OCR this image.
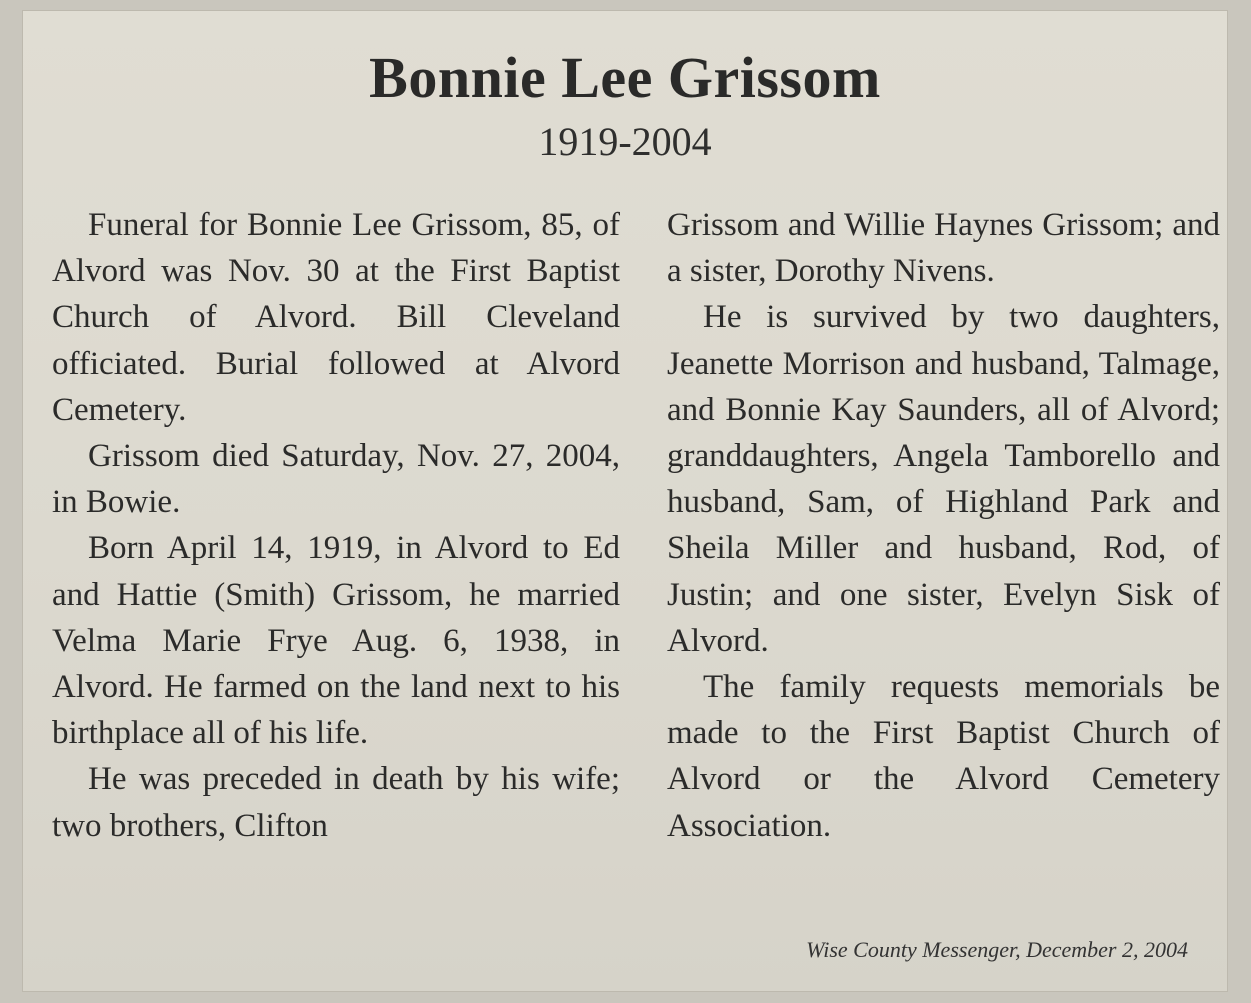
Bonnie Lee Grissom
1919-2004

Funeral for Bonnie Lee Grissom, 85, of Alvord was Nov. 30 at the First Baptist Church of Alvord. Bill Cleveland officiated. Burial followed at Alvord Cemetery.

Grissom died Saturday, Nov. 27, 2004, in Bowie.

Born April 14, 1919, in Alvord to Ed and Hattie (Smith) Grissom, he married Velma Marie Frye Aug. 6, 1938, in Alvord. He farmed on the land next to his birthplace all of his life.

He was preceded in death by his wife; two brothers, Clifton

Grissom and Willie Haynes Grissom; and a sister, Dorothy Nivens.

He is survived by two daughters, Jeanette Morrison and husband, Talmage, and Bonnie Kay Saunders, all of Alvord; granddaughters, Angela Tamborello and husband, Sam, of Highland Park and Sheila Miller and husband, Rod, of Justin; and one sister, Evelyn Sisk of Alvord.

The family requests memorials be made to the First Baptist Church of Alvord or the Alvord Cemetery Association.

Wise County Messenger, December 2, 2004
